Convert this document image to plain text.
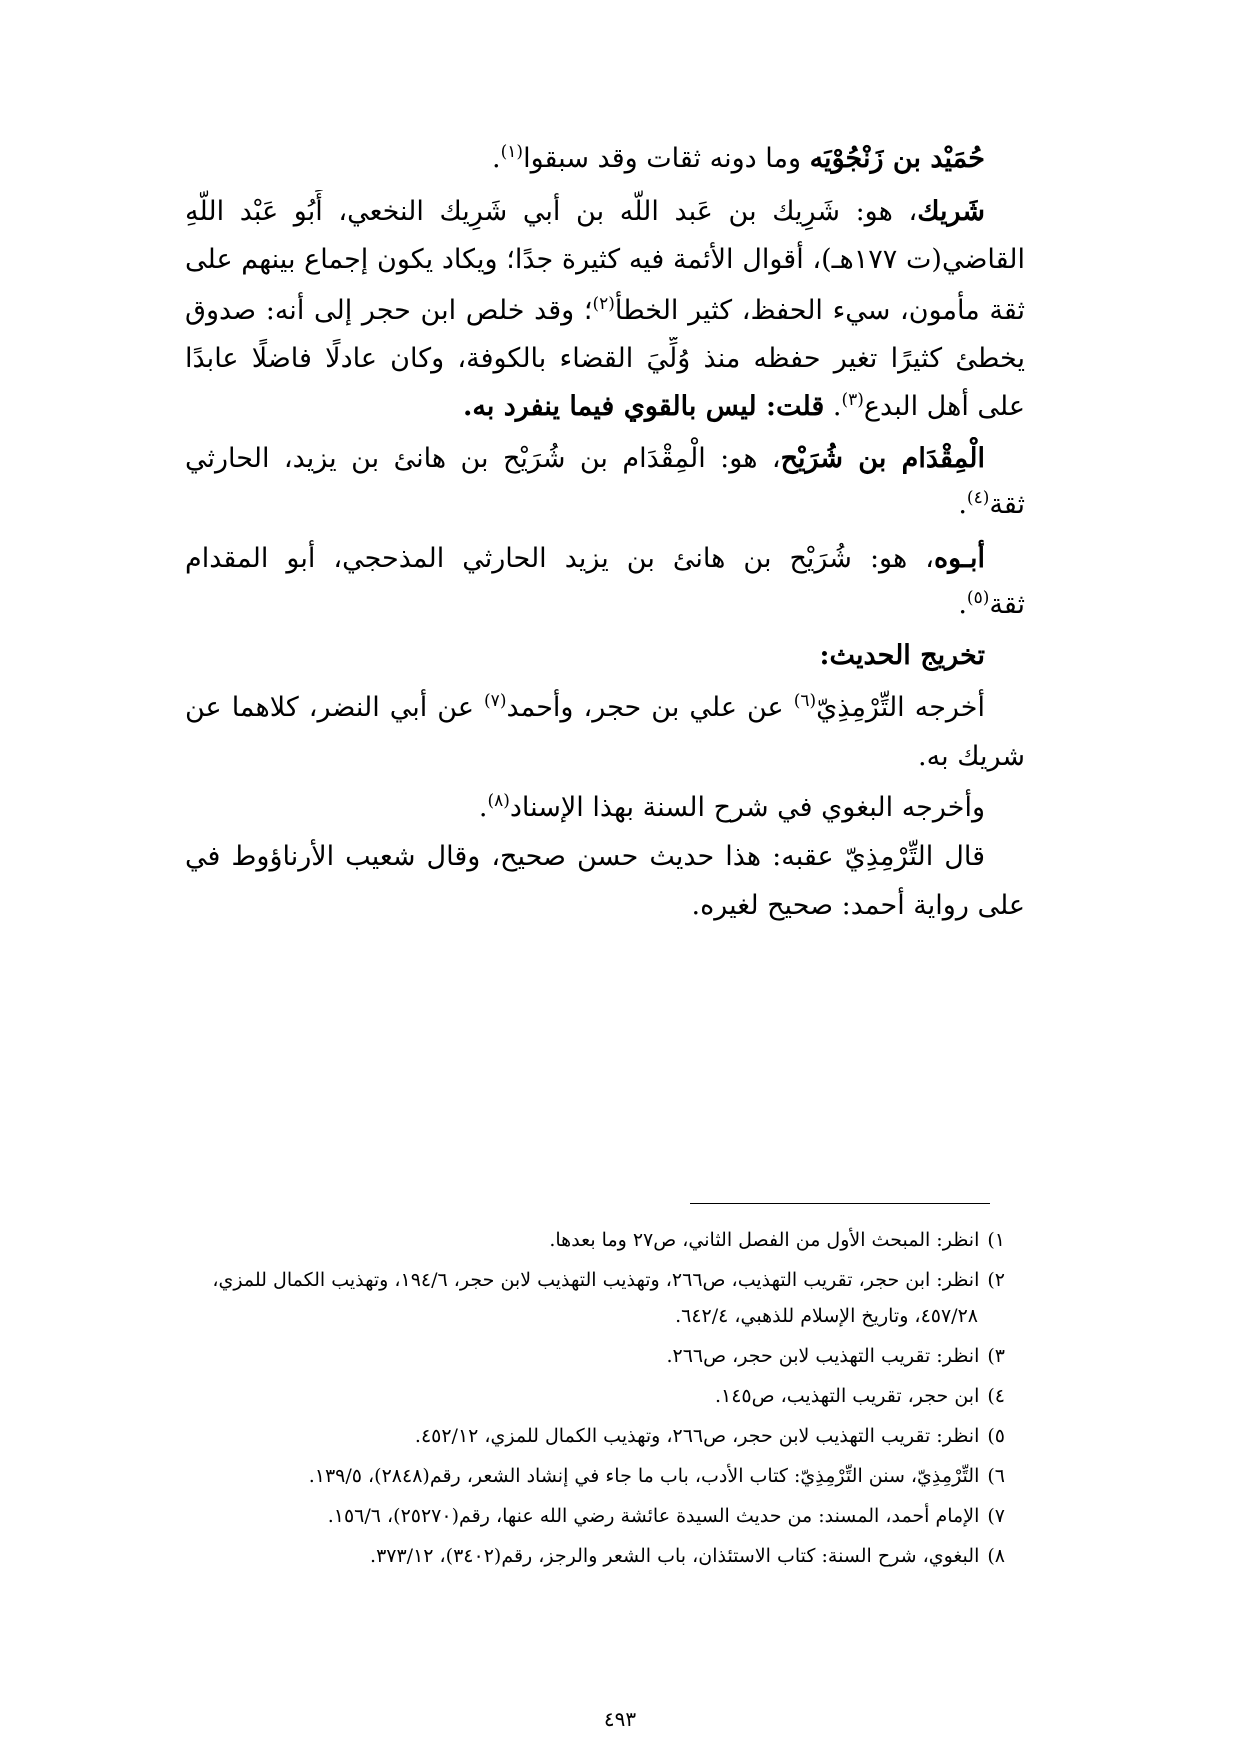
حُمَيْد بن زَنْجُوْيَه وما دونه ثقات وقد سبقوا$^{(١)}$.

شَريك، هو: شَرِيك بن عَبد اللَّه بن أبي شَرِيك النخعي، أَبُو عَبْد اللَّهِ

القاضي(ت ١٧٧هـ)، أقوال الأئمة فيه كثيرة جدًا؛ ويكاد يكون إجماع بينهم على

ثقة مأمون، سيء الحفظ، كثير الخطأ$^{(٢)}$؛ وقد خلص ابن حجر إلى أنه: صدوق

يخطئ كثيرًا تغير حفظه منذ وُلِّيَ القضاء بالكوفة، وكان عادلًا فاضلًا عابدًا

على أهل البدع$^{(٣)}$. قلت: ليس بالقوي فيما ينفرد به.

الْمِقْدَام بن شُرَيْح، هو: الْمِقْدَام بن شُرَيْح بن هانئ بن يزيد، الحارثي

ثقة$^{(٤)}$.

أبـوه، هو: شُرَيْح بن هانئ بن يزيد الحارثي المذحجي، أبو المقدام

ثقة$^{(٥)}$.

تخريج الحديث:

أخرجه التِّرْمِذِيّ$^{(٦)}$ عن علي بن حجر، وأحمد$^{(٧)}$ عن أبي النضر، كلاهما عن

شريك به.

وأخرجه البغوي في شرح السنة بهذا الإسناد$^{(٨)}$.

قال التِّرْمِذِيّ عقبه: هذا حديث حسن صحيح، وقال شعيب الأرناؤوط في

على رواية أحمد: صحيح لغيره.

١)انظر: المبحث الأول من الفصل الثاني، ص٢٧ وما بعدها.

٢)انظر: ابن حجر، تقريب التهذيب، ص٢٦٦، وتهذيب التهذيب لابن حجر، ١٩٤/٦، وتهذيب الكمال للمزي،

٤٥٧/٢٨، وتاريخ الإسلام للذهبي، ٦٤٢/٤.

٣)انظر: تقريب التهذيب لابن حجر، ص٢٦٦.

٤)ابن حجر، تقريب التهذيب، ص١٤٥.

٥)انظر: تقريب التهذيب لابن حجر، ص٢٦٦، وتهذيب الكمال للمزي، ٤٥٢/١٢.

٦)التِّرْمِذِيّ، سنن التِّرْمِذِيّ: كتاب الأدب، باب ما جاء في إنشاد الشعر، رقم(٢٨٤٨)، ١٣٩/٥.

٧)الإمام أحمد، المسند: من حديث السيدة عائشة رضي الله عنها، رقم(٢٥٢٧٠)، ١٥٦/٦.

٨)البغوي، شرح السنة: كتاب الاستئذان، باب الشعر والرجز، رقم(٣٤٠٢)، ٣٧٣/١٢.

٤٩٣
